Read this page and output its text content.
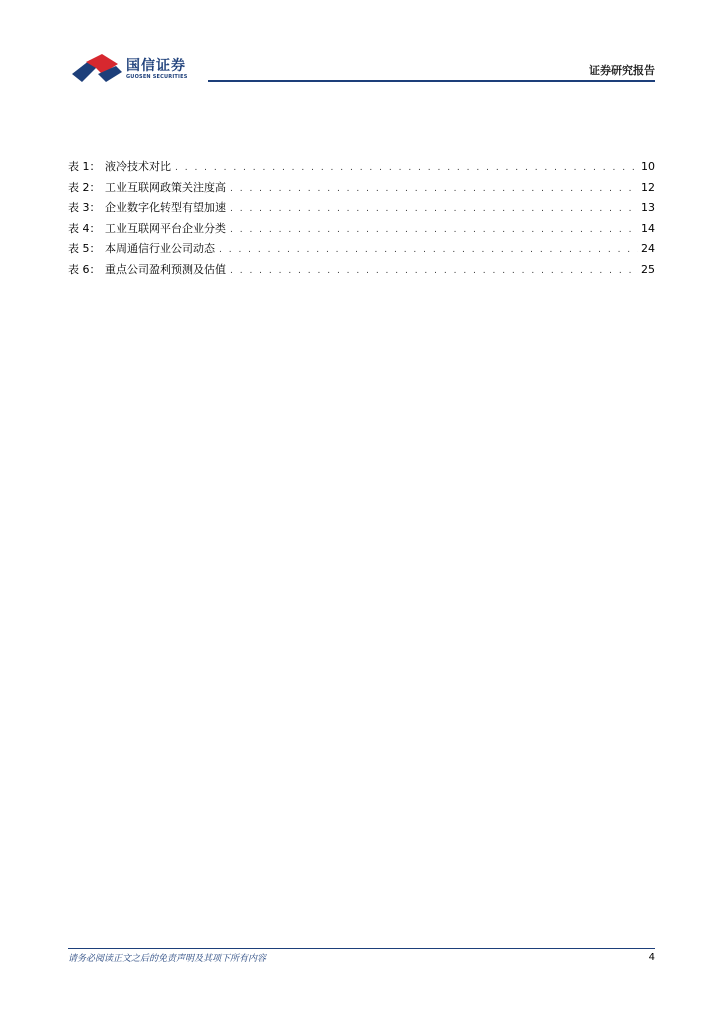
国信证券
GUOSEN SECURITIES	证券研究报告
表 1： 液冷技术对比 . . .	10
表 2： 工业互联网政策关注度高 . . .	12
表 3： 企业数字化转型有望加速 . . .	13
表 4： 工业互联网平台企业分类 . . .	14
表 5： 本周通信行业公司动态 . . .	24
表 6： 重点公司盈利预测及估值 . . .	25
请务必阅读正文之后的免责声明及其项下所有内容	4
